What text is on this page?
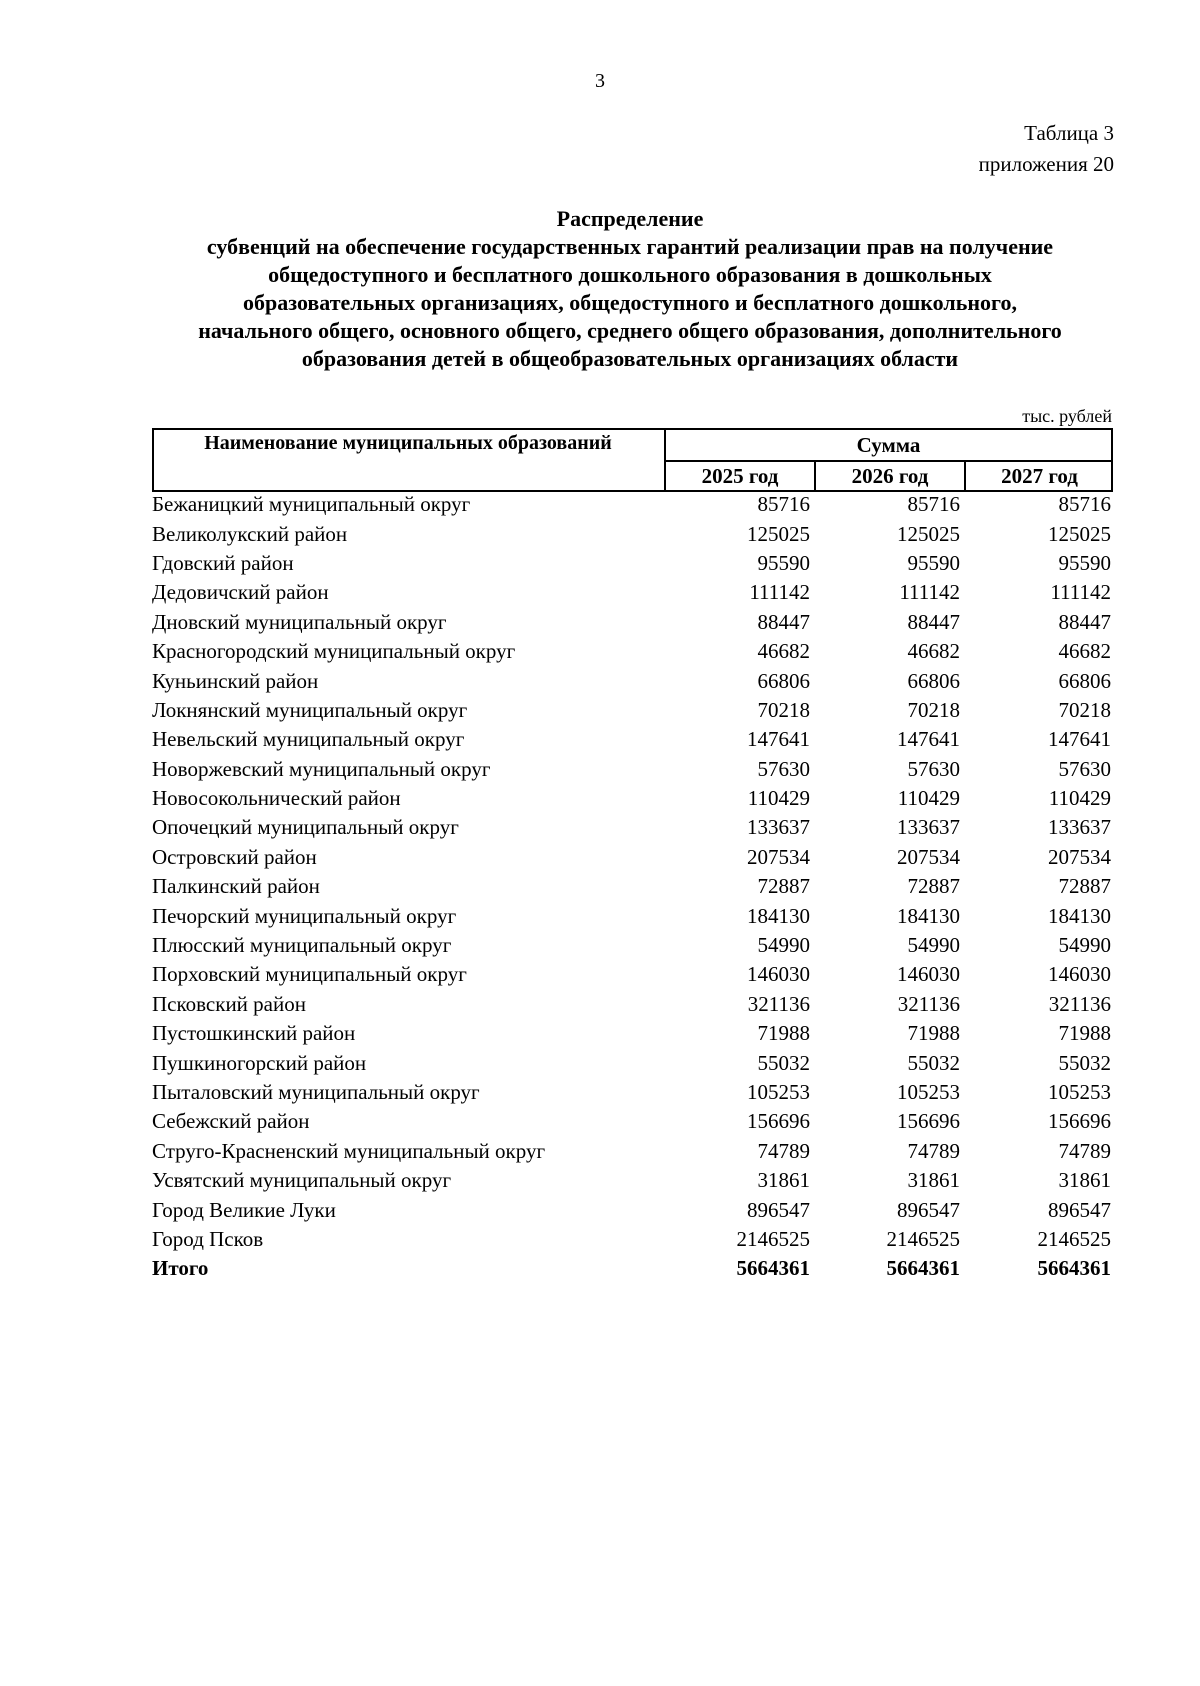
3
Таблица 3
приложения 20
Распределение
субвенций на обеспечение государственных гарантий реализации прав на получение
общедоступного и бесплатного дошкольного образования в дошкольных
образовательных организациях, общедоступного и бесплатного дошкольного,
начального общего, основного общего, среднего общего образования, дополнительного
образования детей в общеобразовательных организациях области
тыс. рублей
Наименование муниципальных образований	Сумма
2025 год	2026 год	2027 год
Бежаницкий муниципальный округ	85716	85716	85716
Великолукский район	125025	125025	125025
Гдовский район	95590	95590	95590
Дедовичский район	111142	111142	111142
Дновский муниципальный округ	88447	88447	88447
Красногородский муниципальный округ	46682	46682	46682
Куньинский район	66806	66806	66806
Локнянский муниципальный округ	70218	70218	70218
Невельский муниципальный округ	147641	147641	147641
Новоржевский муниципальный округ	57630	57630	57630
Новосокольнический район	110429	110429	110429
Опочецкий муниципальный округ	133637	133637	133637
Островский район	207534	207534	207534
Палкинский район	72887	72887	72887
Печорский муниципальный округ	184130	184130	184130
Плюсский муниципальный округ	54990	54990	54990
Порховский муниципальный округ	146030	146030	146030
Псковский район	321136	321136	321136
Пустошкинский район	71988	71988	71988
Пушкиногорский район	55032	55032	55032
Пыталовский муниципальный округ	105253	105253	105253
Себежский район	156696	156696	156696
Струго-Красненский муниципальный округ	74789	74789	74789
Усвятский муниципальный округ	31861	31861	31861
Город Великие Луки	896547	896547	896547
Город Псков	2146525	2146525	2146525
Итого	5664361	5664361	5664361
